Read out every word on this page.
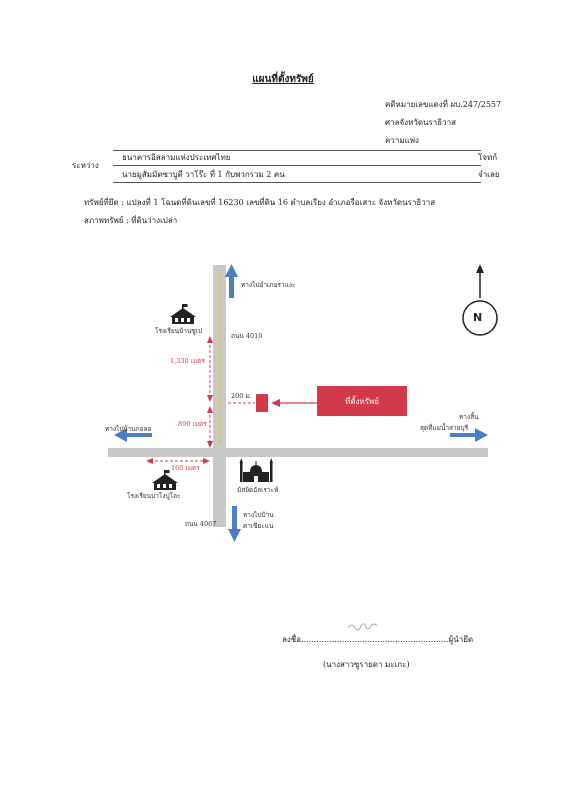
แผนที่ตั้งทรัพย์
คดีหมายเลขแดงที่ ผบ.247/2557
ศาลจังหวัดนราธิวาส
ความแพ่ง
ระหว่าง
ธนาคารอิสลามแห่งประเทศไทย	โจทก์
นายมูสัมมัดซาบูดี วาโร๊ะ ที่ 1 กับพวกรวม 2 คน	จำเลย
ทรัพย์ที่ยึด : แปลงที่ 1 โฉนดที่ดินเลขที่ 16230 เลขที่ดิน 16 ตำบลเรียง อำเภอรือเสาะ จังหวัดนราธิวาส
สภาพทรัพย์ : ที่ดินว่างเปล่า
N
ทางไปอำเภอราแงะ
โรงเรียนบ้านซูเป
ถนน 4010
1,330 เมตร
200 ม.
ที่ตั้งทรัพย์
890 เมตร
ทางไปบ้านกอลอ
ทางสิ้น
สุดที่แม่น้ำสายบุรี
160 เมตร
โรงเรียนบาโงปูโละ
มัสยิดอัลเราะห์
ถนน 4067
ทางไปบ้าน
ตาเขียะแน
ลงชื่อ..........................................................ผู้นำยึด
(นางสาวซูรายดา มะเกะ)
